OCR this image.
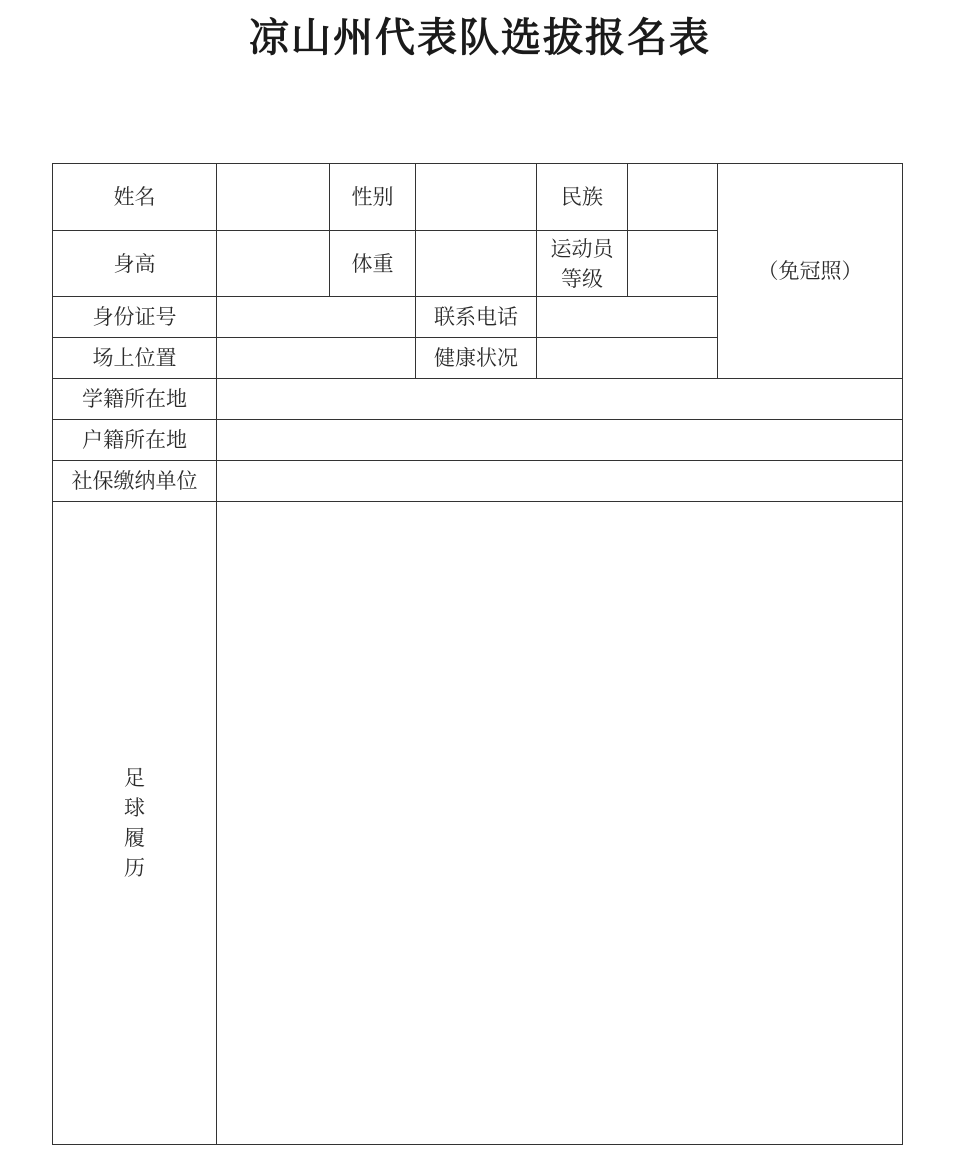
凉山州代表队选拔报名表
姓名		性别		民族		（免冠照）
身高		体重		运动员
等级		
身份证号			联系电话			
场上位置			健康状况			
学籍所在地						
户籍所在地						
社保缴纳单位						
足球履历						
